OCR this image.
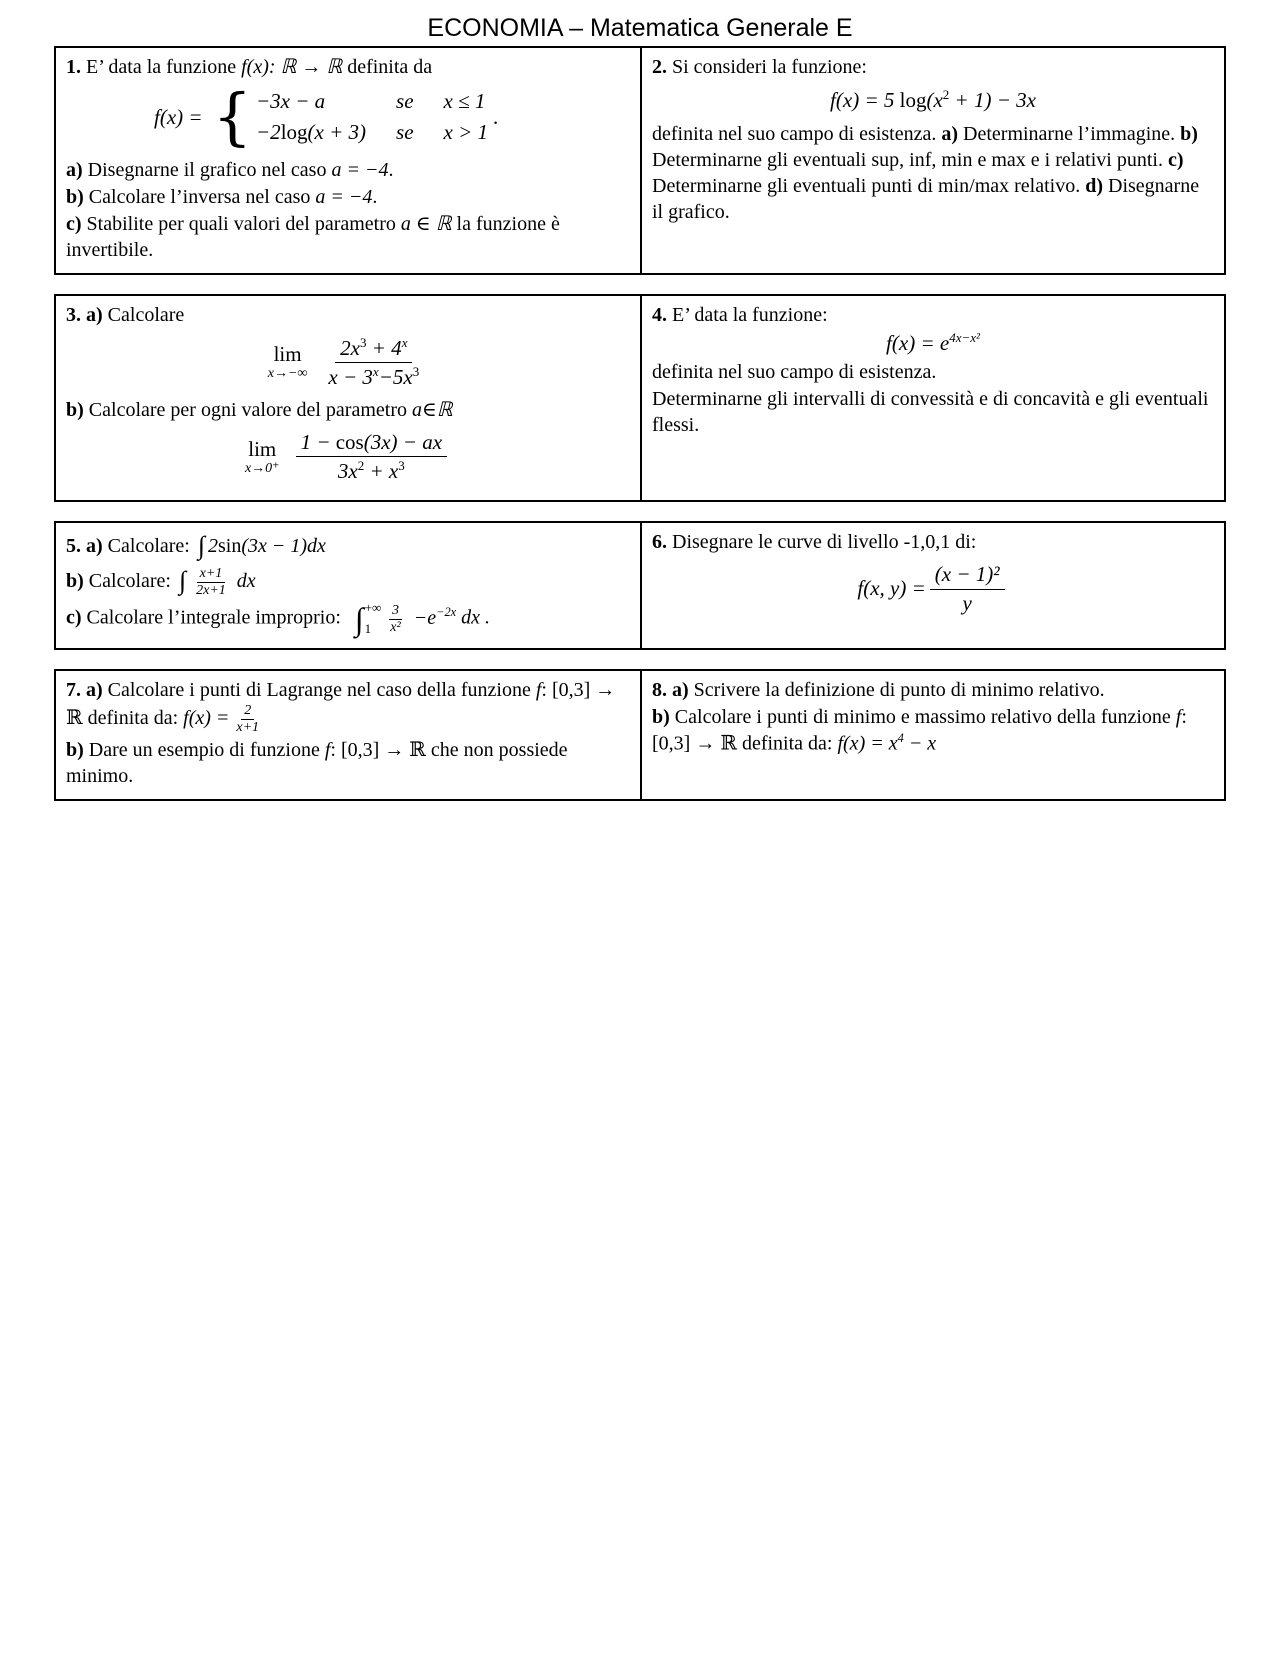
ECONOMIA – Matematica Generale E

1. E’ data la funzione f(x): ℝ → ℝ definita da

f(x) = { −3x − a	se x ≤ 1
−2log(x + 3) se x > 1
.

a) Disegnarne il grafico nel caso a = −4.

b) Calcolare l’inversa nel caso a = −4.

c) Stabilite per quali valori del parametro a ∈ ℝ la funzione è invertibile.

2. Si consideri la funzione:

f(x) = 5 $\log(x^2 + 1) - 3x$

definita nel suo campo di esistenza. a) Determinarne l’immagine. b) Determinarne gli eventuali sup, inf, min e max e i relativi punti. c) Determinarne gli eventuali punti di min/max relativo. d) Disegnarne il grafico.

3. a) Calcolare

lim
$x\to-\infty \frac{2x^3 + 4^x}{x - 3^x-5x^3}$

b) Calcolare per ogni valore del parametro a∈ℝ

lim
$x\to 0^+ \frac{1 - \cos(3x) - ax}{3x^2 + x^3}$

4. E’ data la funzione:

$f(x) = e^{4x-x^2}$

definita nel suo campo di esistenza.

Determinarne gli intervalli di convessità e di concavità e gli eventuali flessi.

5. a) Calcolare: ∫ 2sin(3x − 1)dx

b) Calcolare: ∫ $\frac{x+1}{2x+1}$ dx

c) Calcolare l’integrale improprio: ∫ +∞
1	$\frac{3}{\text{x²}} -e^{-2x}$ dx .

6. Disegnare le curve di livello -1,0,1 di:

f(x, $y) = \frac{\text{(x − 1)²}}{y}$

7. a) Calcolare i punti di Lagrange nel caso della funzione f: [0,3] → ℝ definita da: $f(x) = \frac{2}{x+1}$

b) Dare un esempio di funzione f: [0,3] → ℝ che non possiede minimo.

8. a) Scrivere la definizione di punto di minimo relativo.

b) Calcolare i punti di minimo e massimo relativo della funzione f: [0,3] → ℝ definita da: $f(x) = x^4 - x$
